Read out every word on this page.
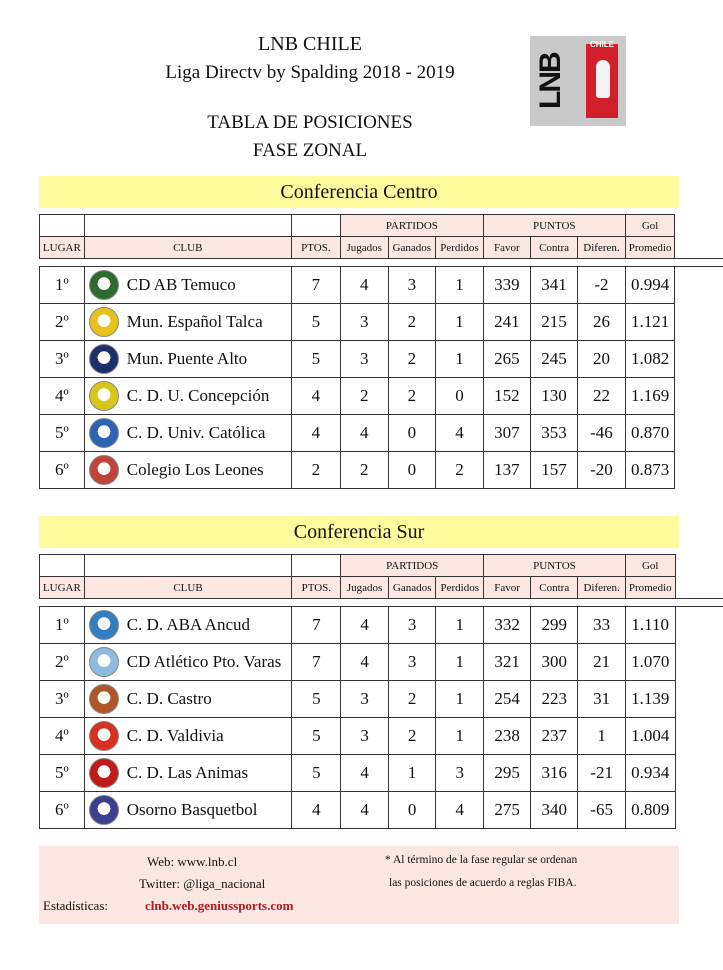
LNB CHILE
Liga Directv by Spalding 2018 - 2019
TABLA DE POSICIONES
FASE ZONAL
LNB
CHILE
Conferencia Centro
			PARTIDOS			PUNTOS			Gol
LUGAR	CLUB	PTOS.	Jugados	Ganados	Perdidos	Favor	Contra	Diferen.	Promedio

1º	CD AB Temuco	7	4	3	1	339	341	-2	0.994
2º	Mun. Español Talca	5	3	2	1	241	215	26	1.121
3º	Mun. Puente Alto	5	3	2	1	265	245	20	1.082
4º	C. D. U. Concepción	4	2	2	0	152	130	22	1.169
5º	C. D. Univ. Católica	4	4	0	4	307	353	-46	0.870
6º	Colegio Los Leones	2	2	0	2	137	157	-20	0.873
Conferencia Sur
			PARTIDOS			PUNTOS			Gol
LUGAR	CLUB	PTOS.	Jugados	Ganados	Perdidos	Favor	Contra	Diferen.	Promedio

1º	C. D. ABA Ancud	7	4	3	1	332	299	33	1.110
2º	CD Atlético Pto. Varas	7	4	3	1	321	300	21	1.070
3º	C. D. Castro	5	3	2	1	254	223	31	1.139
4º	C. D. Valdivia	5	3	2	1	238	237	1	1.004
5º	C. D. Las Animas	5	4	1	3	295	316	-21	0.934
6º	Osorno Basquetbol	4	4	0	4	275	340	-65	0.809
Web: www.lnb.cl
Twitter: @liga_nacional
Estadísticas:	clnb.web.geniussports.com
* Al término de la fase regular se ordenan
las posiciones de acuerdo a reglas FIBA.
